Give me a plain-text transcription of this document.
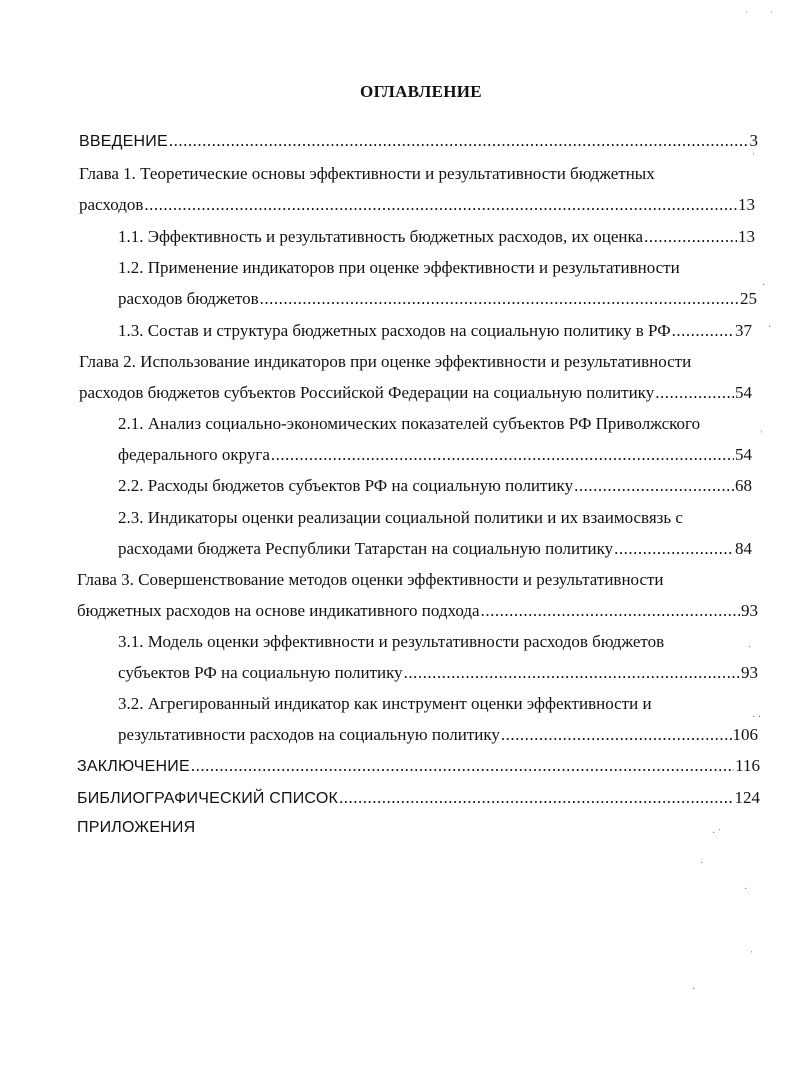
ОГЛАВЛЕНИЕ
ВВЕДЕНИЕ .....	3
Глава 1. Теоретические основы эффективности и результативности бюджетных
расходов .....	13
1.1. Эффективность и результативность бюджетных расходов, их оценка .....	13
1.2. Применение индикаторов при оценке эффективности и результативности
расходов бюджетов .....	25
1.3. Состав и структура бюджетных расходов на социальную политику в РФ .....	37
Глава 2. Использование индикаторов при оценке эффективности и результативности
расходов бюджетов субъектов Российской Федерации на социальную политику .....	54
2.1. Анализ социально-экономических показателей субъектов РФ Приволжского
федерального округа .....	54
2.2. Расходы бюджетов субъектов РФ на социальную политику .....	68
2.3. Индикаторы оценки реализации социальной политики и их взаимосвязь с
расходами бюджета Республики Татарстан на социальную политику .....	84
Глава 3. Совершенствование методов оценки эффективности и результативности
бюджетных расходов на основе индикативного подхода .....	93
3.1. Модель оценки эффективности и результативности расходов бюджетов
субъектов РФ на социальную политику .....	93
3.2. Агрегированный индикатор как инструмент оценки эффективности и
результативности расходов на социальную политику .....	106
ЗАКЛЮЧЕНИЕ .....	116
БИБЛИОГРАФИЧЕСКИЙ СПИСОК .....	124
ПРИЛОЖЕНИЯ
ˈ ˈ
ˈ
·
·
ˈ
ˏ
· ·
· ˈ
·
·
ˈ
·
